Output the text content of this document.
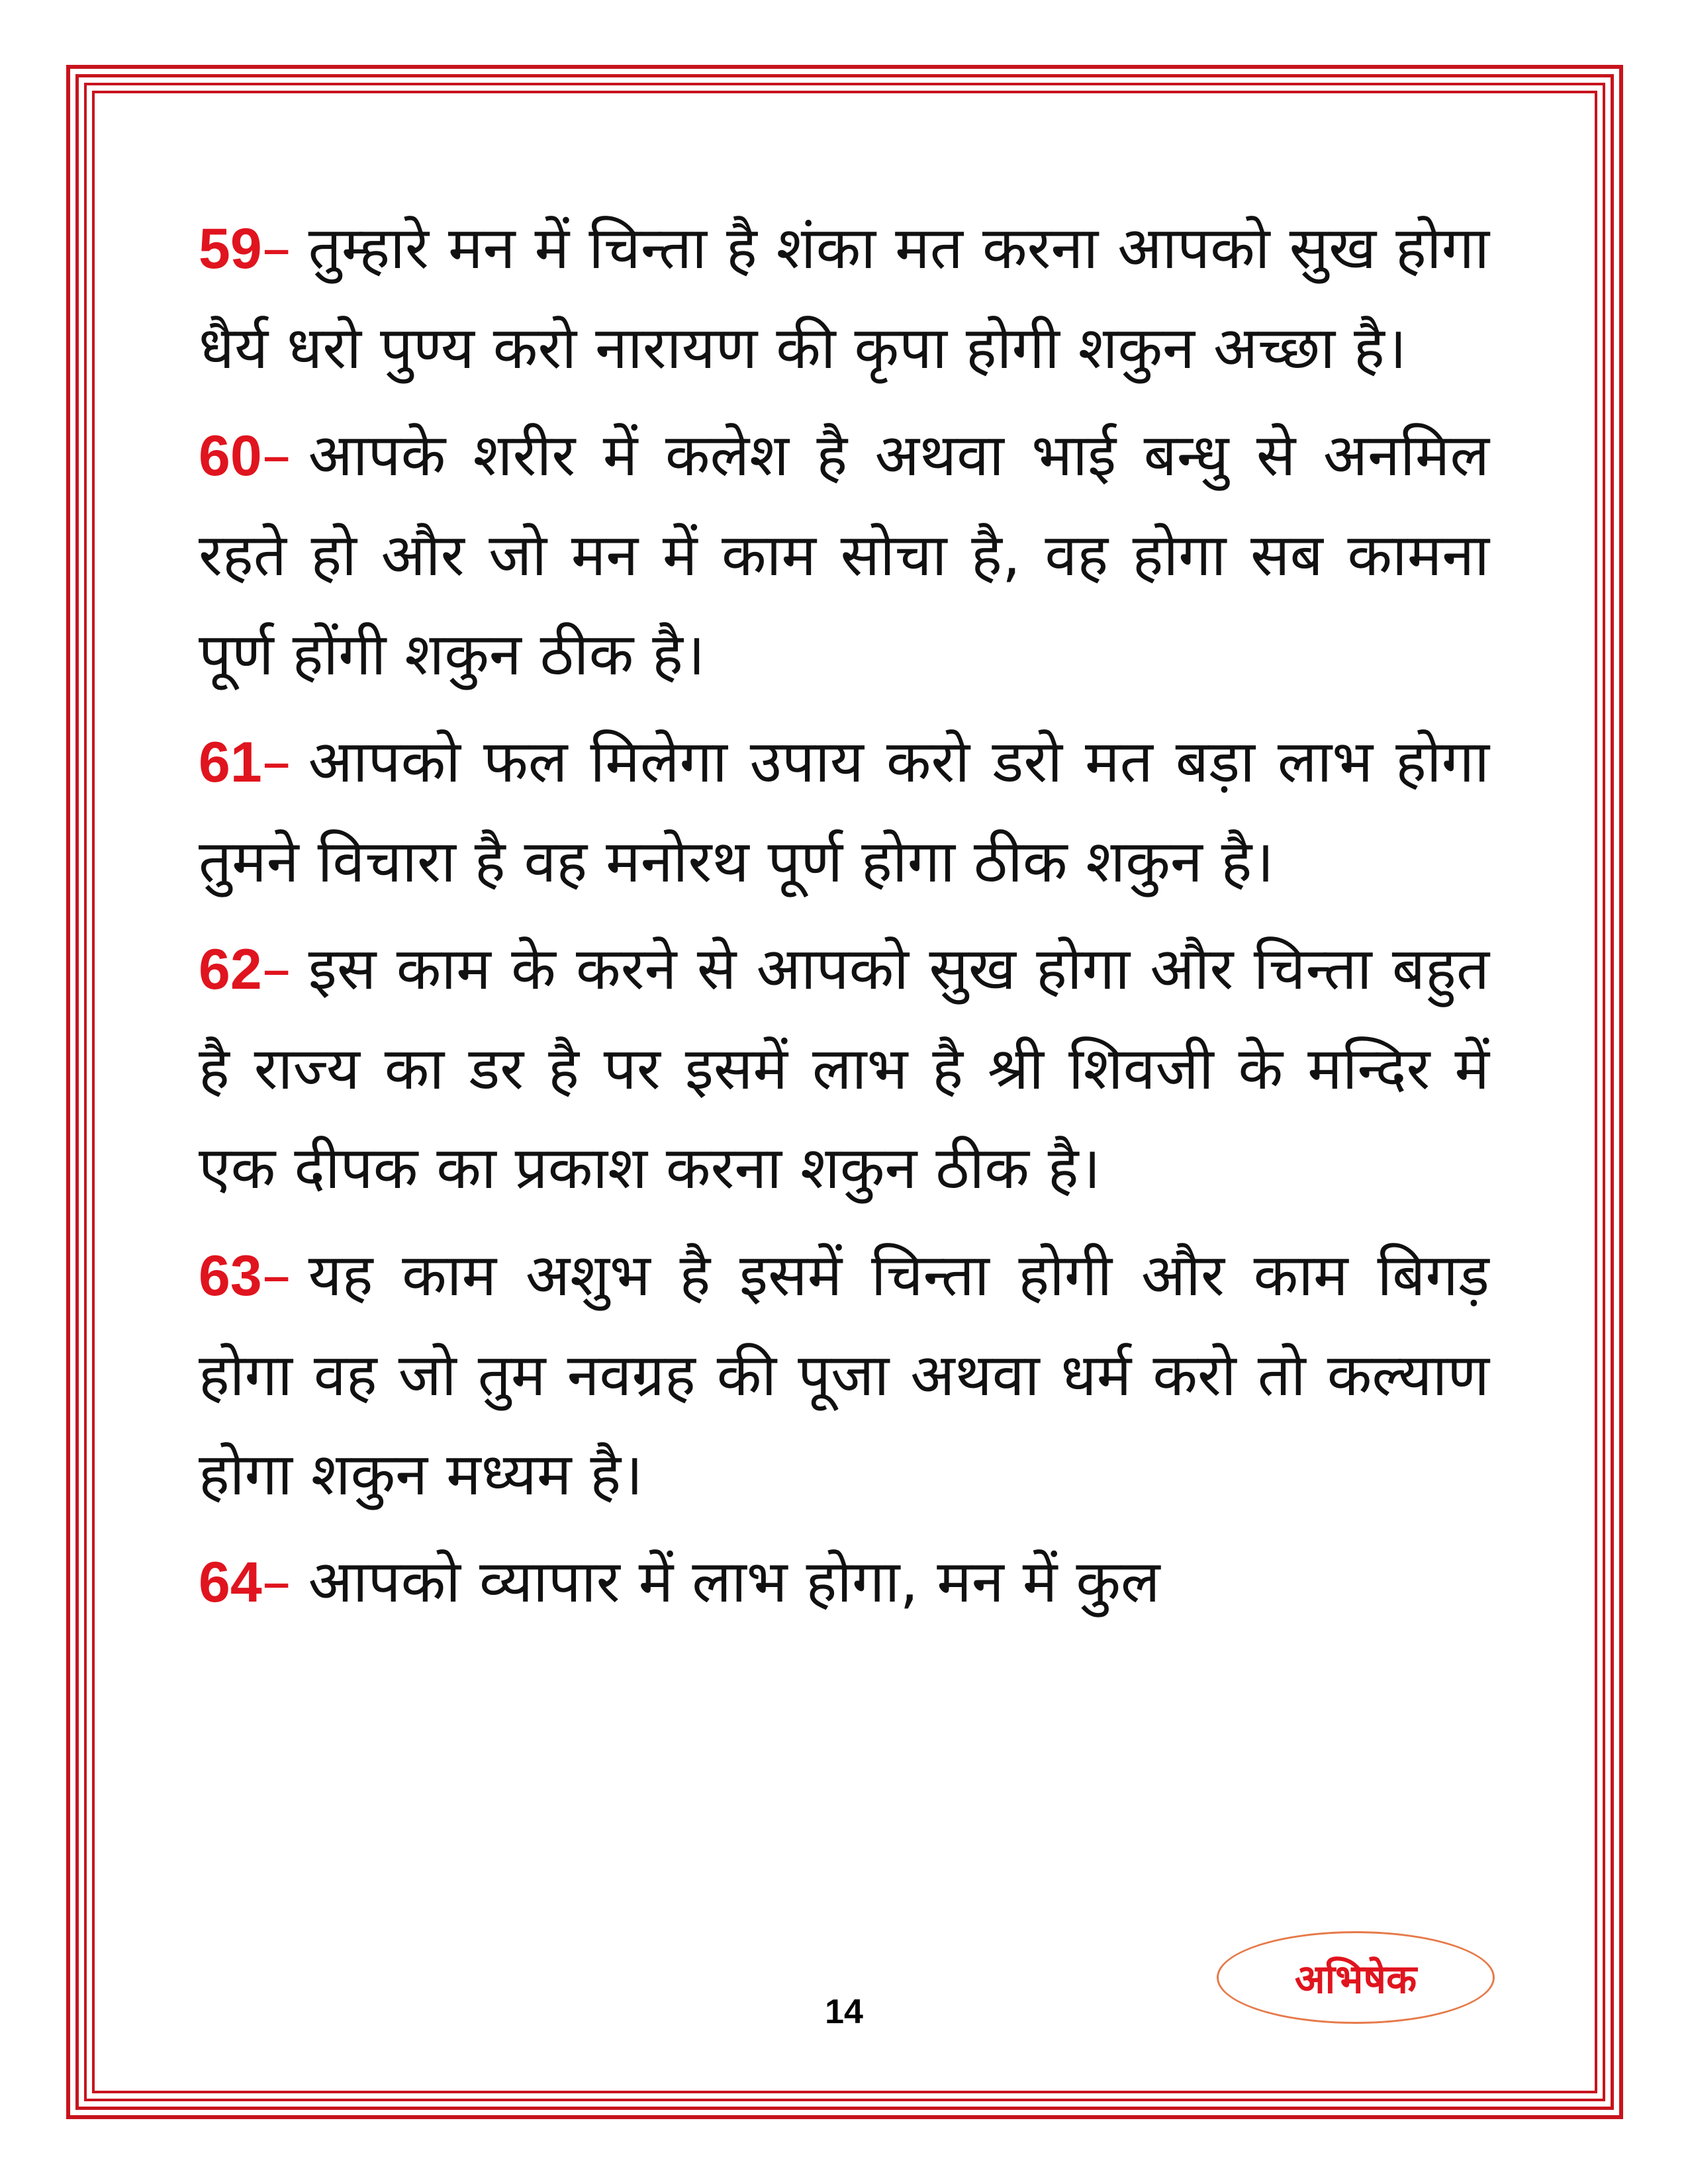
59– तुम्हारे मन में चिन्ता है शंका मत करना आपको सुख होगा धैर्य धरो पुण्य करो नारायण की कृपा होगी शकुन अच्छा है।

60– आपके शरीर में कलेश है अथवा भाई बन्धु से अनमिल रहते हो और जो मन में काम सोचा है, वह होगा सब कामना पूर्ण होंगी शकुन ठीक है।

61– आपको फल मिलेगा उपाय करो डरो मत बड़ा लाभ होगा तुमने विचारा है वह मनोरथ पूर्ण होगा ठीक शकुन है।

62– इस काम के करने से आपको सुख होगा और चिन्ता बहुत है राज्य का डर है पर इसमें लाभ है श्री शिवजी के मन्दिर में एक दीपक का प्रकाश करना शकुन ठीक है।

63– यह काम अशुभ है इसमें चिन्ता होगी और काम बिगड़ होगा वह जो तुम नवग्रह की पूजा अथवा धर्म करो तो कल्याण होगा शकुन मध्यम है।

64– आपको व्यापार में लाभ होगा, मन में कुल

अभिषेक
14
